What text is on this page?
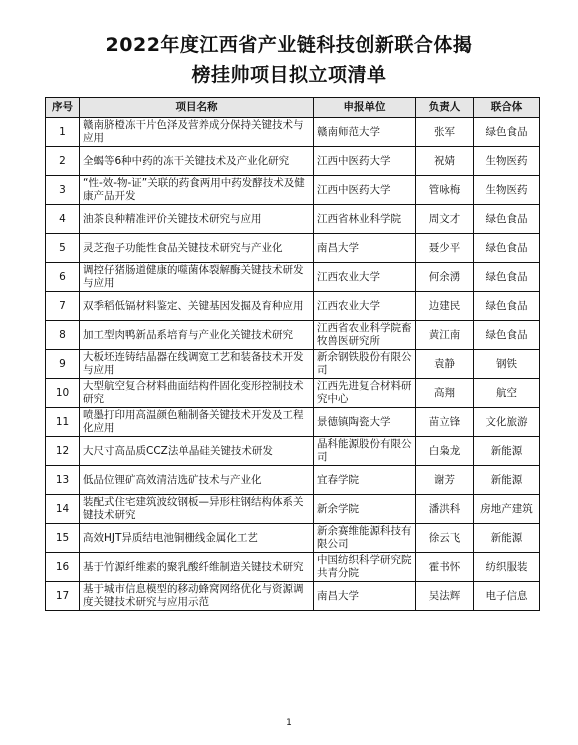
2022年度江西省产业链科技创新联合体揭
榜挂帅项目拟立项清单
序号	项目名称	申报单位	负责人	联合体
1	赣南脐橙冻干片色泽及营养成分保持关键技术与应用	赣南师范大学	张军	绿色食品
2	全蝎等6种中药的冻干关键技术及产业化研究	江西中医药大学	祝婧	生物医药
3	“性-效-物-证”关联的药食两用中药发酵技术及健康产品开发	江西中医药大学	管咏梅	生物医药
4	油茶良种精准评价关键技术研究与应用	江西省林业科学院	周文才	绿色食品
5	灵芝孢子功能性食品关键技术研究与产业化	南昌大学	聂少平	绿色食品
6	调控仔猪肠道健康的噬菌体裂解酶关键技术研发与应用	江西农业大学	何余湧	绿色食品
7	双季稻低镉材料鉴定、关键基因发掘及育种应用	江西农业大学	边建民	绿色食品
8	加工型肉鸭新品系培育与产业化关键技术研究	江西省农业科学院畜牧兽医研究所	黄江南	绿色食品
9	大板坯连铸结晶器在线调宽工艺和装备技术开发与应用	新余钢铁股份有限公司	袁静	钢铁
10	大型航空复合材料曲面结构件固化变形控制技术研究	江西先进复合材料研究中心	高翔	航空
11	喷墨打印用高温颜色釉制备关键技术开发及工程化应用	景德镇陶瓷大学	苗立锋	文化旅游
12	大尺寸高品质CCZ法单晶硅关键技术研发	晶科能源股份有限公司	白枭龙	新能源
13	低品位锂矿高效清洁选矿技术与产业化	宜春学院	谢芳	新能源
14	装配式住宅建筑波纹钢板—异形柱钢结构体系关键技术研究	新余学院	潘洪科	房地产建筑
15	高效HJT异质结电池铜栅线金属化工艺	新余赛维能源科技有限公司	徐云飞	新能源
16	基于竹源纤维素的聚乳酸纤维制造关键技术研究	中国纺织科学研究院共青分院	霍书怀	纺织服装
17	基于城市信息模型的移动蜂窝网络优化与资源调度关键技术研究与应用示范	南昌大学	吴法辉	电子信息
1
